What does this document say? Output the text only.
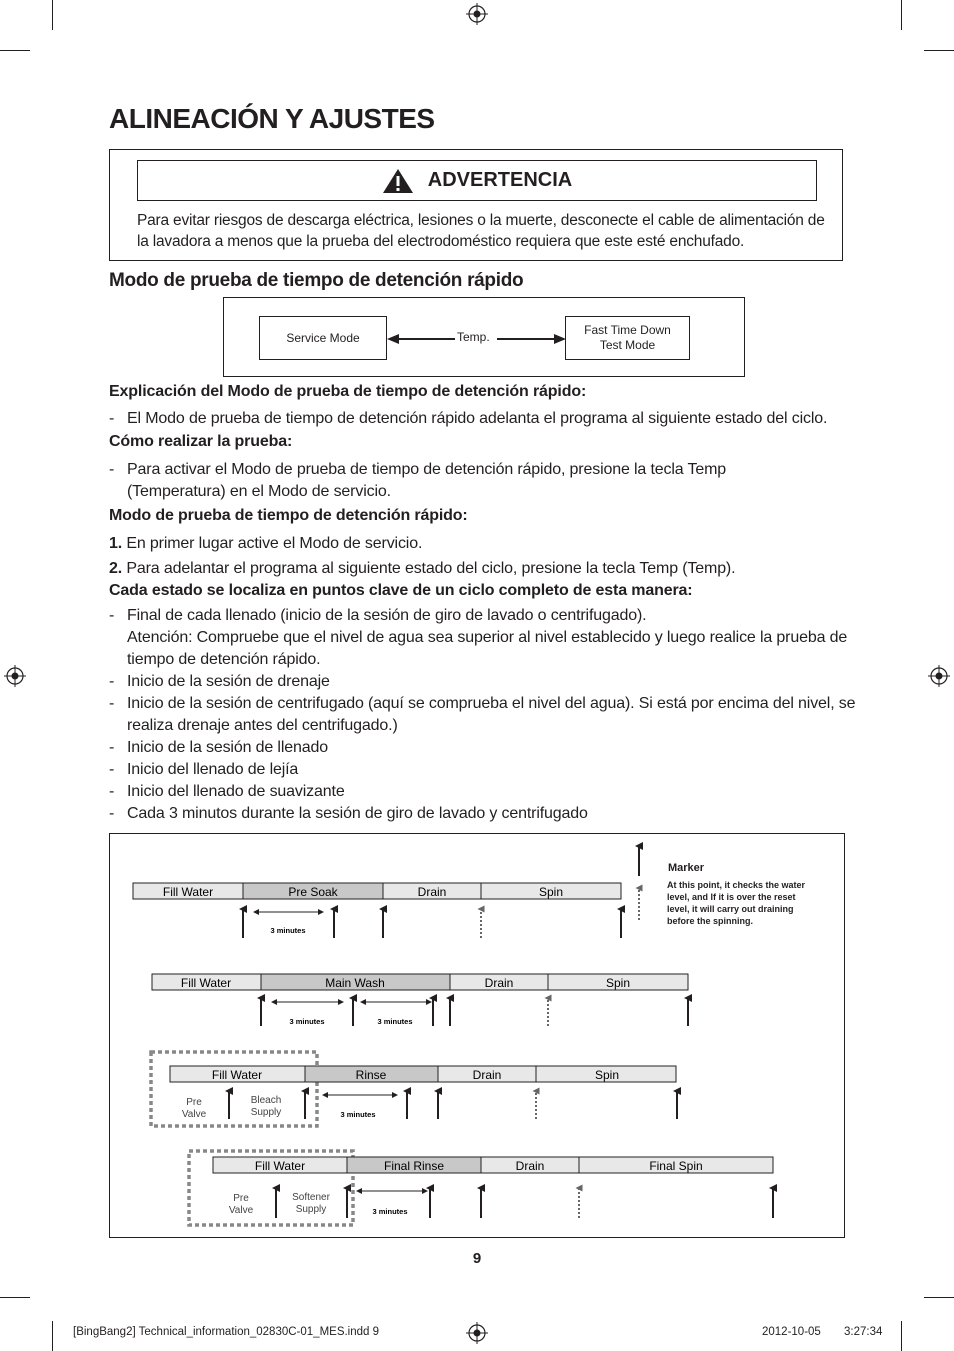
ALINEACIÓN Y AJUSTES
ADVERTENCIA
Para evitar riesgos de descarga eléctrica, lesiones o la muerte, desconecte el cable de alimentación de la lavadora a menos que la prueba del electrodoméstico requiera que este esté enchufado.
Modo de prueba de tiempo de detención rápido
Service Mode	Temp.	Fast Time Down
Test Mode
Explicación del Modo de prueba de tiempo de detención rápido:
- El Modo de prueba de tiempo de detención rápido adelanta el programa al siguiente estado del ciclo.
Cómo realizar la prueba:
- Para activar el Modo de prueba de tiempo de detención rápido, presione la tecla Temp (Temperatura) en el Modo de servicio.
Modo de prueba de tiempo de detención rápido:
1. En primer lugar active el Modo de servicio.
2. Para adelantar el programa al siguiente estado del ciclo, presione la tecla Temp (Temp).
Cada estado se localiza en puntos clave de un ciclo completo de esta manera:
- Final de cada llenado (inicio de la sesión de giro de lavado o centrifugado).
Atención: Compruebe que el nivel de agua sea superior al nivel establecido y luego realice la prueba de tiempo de detención rápido.
- Inicio de la sesión de drenaje
- Inicio de la sesión de centrifugado (aquí se comprueba el nivel del agua). Si está por encima del nivel, se realiza drenaje antes del centrifugado.)
- Inicio de la sesión de llenado
- Inicio del llenado de lejía
- Inicio del llenado de suavizante
- Cada 3 minutos durante la sesión de giro de lavado y centrifugado
Marker
At this point, it checks the water level, and If it is over the reset level, it will carry out draining before the spinning.
Fill Water	Pre Soak	Drain	Spin
3 minutes
Fill Water	Main Wash	Drain	Spin
3 minutes	3 minutes
Fill Water	Rinse	Drain	Spin
Pre
Valve
Bleach
Supply	3 minutes
Fill Water	Final Rinse	Drain	Final Spin
Pre
Valve
Softener
Supply	3 minutes
9
[BingBang2] Technical_information_02830C-01_MES.indd 9	2012-10-05 3:27:34
